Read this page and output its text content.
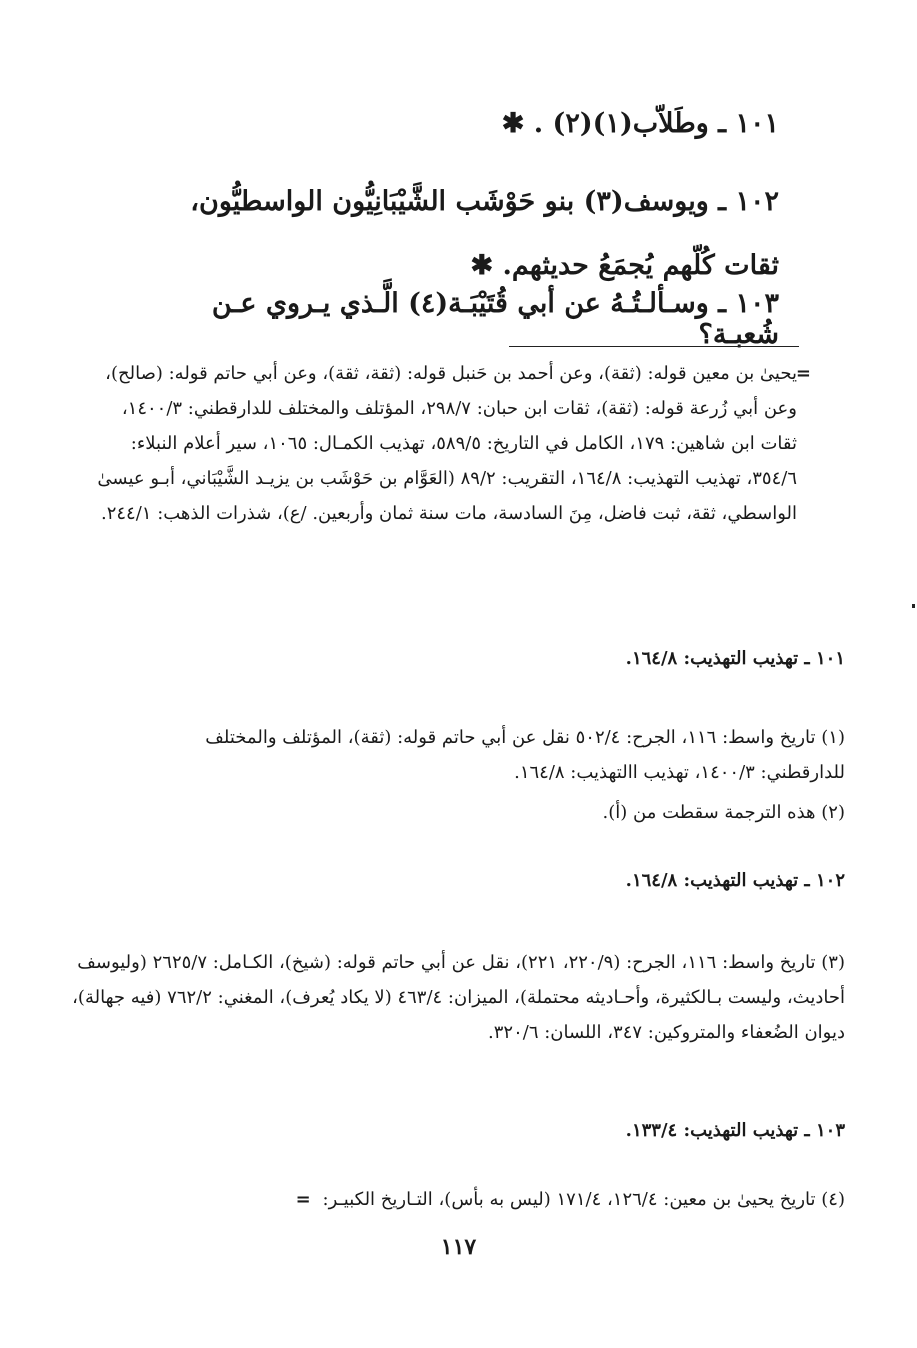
١٠١ ـ وطَلاّب(١)(٢) . ✱
١٠٢ ـ ويوسف(٣) بنو حَوْشَب الشَّيْبَانِيُّون الواسطيُّون، ثقات كُلّهم يُجمَعُ حديثهم. ✱
١٠٣ ـ وسـألـتُـهُ عن أبي قُتَيْبَـة(٤) الَّـذي يـروي عـن شُعبـة؟
=
يحيىٰ بن معين قوله: (ثقة)، وعن أحمد بن حَنبل قوله: (ثقة، ثقة)، وعن أبي حاتم قوله: (صالح)، وعن أبي زُرعة قوله: (ثقة)، ثقات ابن حبان: ٢٩٨/٧، المؤتلف والمختلف للدارقطني: ١٤٠٠/٣، ثقات ابن شاهين: ١٧٩، الكامل في التاريخ: ٥٨٩/٥، تهذيب الكمـال: ١٠٦٥، سير أعلام النبلاء: ٣٥٤/٦، تهذيب التهذيب: ١٦٤/٨، التقريب: ٨٩/٢ (العَوَّام بن حَوْشَب بن يزيـد الشَّيْبَاني، أبـو عيسىٰ الواسطي، ثقة، ثبت فاضل، مِنَ السادسة، مات سنة ثمان وأربعين. /ع)، شذرات الذهب: ٢٤٤/١.
١٠١ ـ تهذيب التهذيب: ١٦٤/٨.
(١) تاريخ واسط: ١١٦، الجرح: ٥٠٢/٤ نقل عن أبي حاتم قوله: (ثقة)، المؤتلف والمختلف للدارقطني: ١٤٠٠/٣، تهذيب االتهذيب: ١٦٤/٨.
(٢) هذه الترجمة سقطت من (أ).
١٠٢ ـ تهذيب التهذيب: ١٦٤/٨.
(٣) تاريخ واسط: ١١٦، الجرح: (٢٢٠/٩، ٢٢١)، نقل عن أبي حاتم قوله: (شيخ)، الكـامل: ٢٦٢٥/٧ (وليوسف أحاديث، وليست بـالكثيرة، وأحـاديثه محتملة)، الميزان: ٤٦٣/٤ (لا يكاد يُعرف)، المغني: ٧٦٢/٢ (فيه جهالة)، ديوان الضُعفاء والمتروكين: ٣٤٧، اللسان: ٣٢٠/٦.
١٠٣ ـ تهذيب التهذيب: ١٣٣/٤.
(٤) تاريخ يحيىٰ بن معين: ١٢٦/٤، ١٧١/٤ (ليس به بأس)، التـاريخ الكبيـر: =
١١٧
